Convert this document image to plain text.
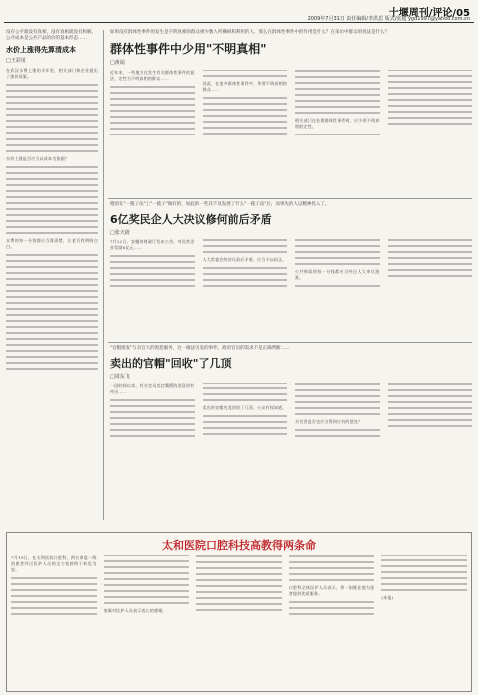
十堰周刊/评论/05
2009年7月31日 责任编辑/李洪思 版式/张超 ygd1997@yahoo.com.cn
没有公平就没有真相，没有真相就没有和解，公开成本是公共产品的价的基本形态……
水价上涨得先算清成本
□王彩用

在武汉水费上涨的半年里，相关部门和企业提出了涨价预案。

水价上涨是否应当以成本为依据？

水费的每一分钱都应当算清楚，让老百姓明明白白。

如果没有群体性事件的发生是不明真相的群众被少数人所操纵和利用的人，那么在群体性事件中的作用是什么？在采访中群众的说法是什么？
群体性事件中少用"不明真相"
□黄闻

近年来，一些地方在发生有关群体性事件的说法，定性为不明真相的群众……

因此，在很多群体性事件中，所谓不明真相的群众……

相关部门在处理群体性事件时，应少用不明真相的定性。

德国在"一揽子法"上"一揽子"做好的，如此的一些其不及发展了什么"一揽子法"后，而事先的人以精神投入了。
6亿奖民企人大决议修何前后矛盾
□张天蔚

7月22日，安徽省财政厅发布公告，对民营企业奖励6亿元……

人大常委会的决议前后矛盾，应当予以纠正。

公共财政的每一分钱都应当经过人大审议批准。

"官帽批发"与卖官大的黑恶服务，这一做法引发的事件，政府官员的需求不是正确判断……
卖出的官帽"回收"了几顶
□周东飞

一段时间以来，有关官员卖官鬻爵的消息时有传出……

卖出的官帽究竟回收了几顶，公众有权知道。

买官者是否也应当得到应有的惩处？

太和医院口腔科技高教得两条命

7月19日，在太和医院口腔科，两名命悬一线的患者经过医护人员的全力抢救终于转危为安。

家属对医护人员表示衷心的感谢。

口腔科全体医护人员表示，将一如既往地为患者提供优质服务。

(本报)
